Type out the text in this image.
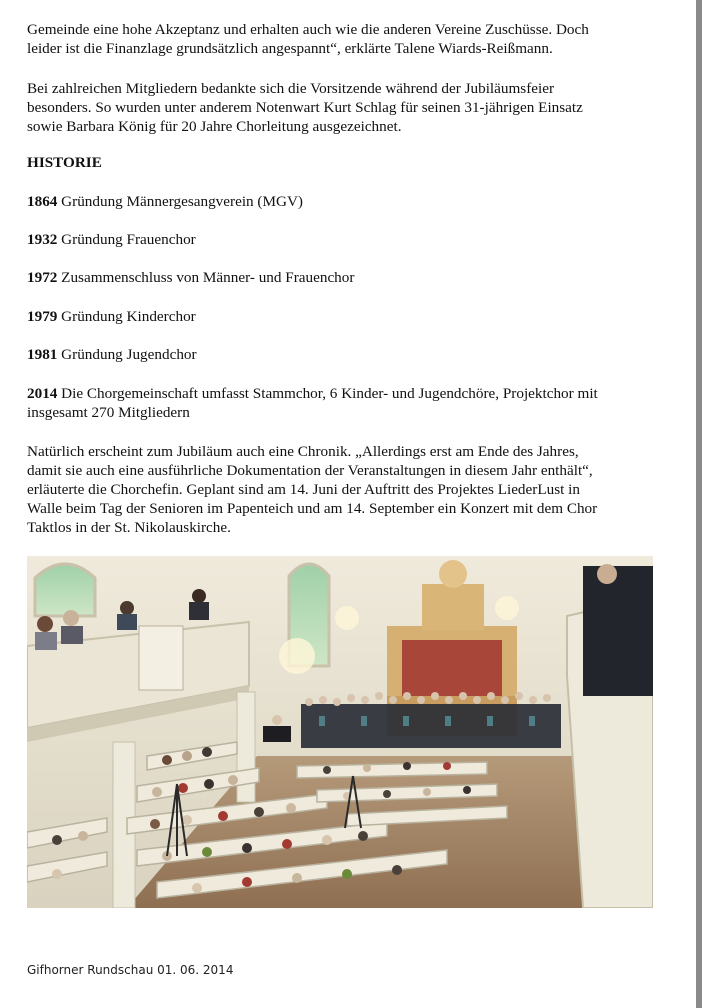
Gemeinde eine hohe Akzeptanz und erhalten auch wie die anderen Vereine Zuschüsse. Doch
leider ist die Finanzlage grundsätzlich angespannt“, erklärte Talene Wiards-Reißmann.

Bei zahlreichen Mitgliedern bedankte sich die Vorsitzende während der Jubiläumsfeier
besonders. So wurden unter anderem Notenwart Kurt Schlag für seinen 31-jährigen Einsatz
sowie Barbara König für 20 Jahre Chorleitung ausgezeichnet.

HISTORIE

1864 Gründung Männergesangverein (MGV)

1932 Gründung Frauenchor

1972 Zusammenschluss von Männer- und Frauenchor

1979 Gründung Kinderchor

1981 Gründung Jugendchor

2014 Die Chorgemeinschaft umfasst Stammchor, 6 Kinder- und Jugendchöre, Projektchor mit
insgesamt 270 Mitgliedern

Natürlich erscheint zum Jubiläum auch eine Chronik. „Allerdings erst am Ende des Jahres,
damit sie auch eine ausführliche Dokumentation der Veranstaltungen in diesem Jahr enthält“,
erläuterte die Chorchefin. Geplant sind am 14. Juni der Auftritt des Projektes LiederLust in
Walle beim Tag der Senioren im Papenteich und am 14. September ein Konzert mit dem Chor
Taktlos in der St. Nikolauskirche.

Gifhorner Rundschau 01. 06. 2014
